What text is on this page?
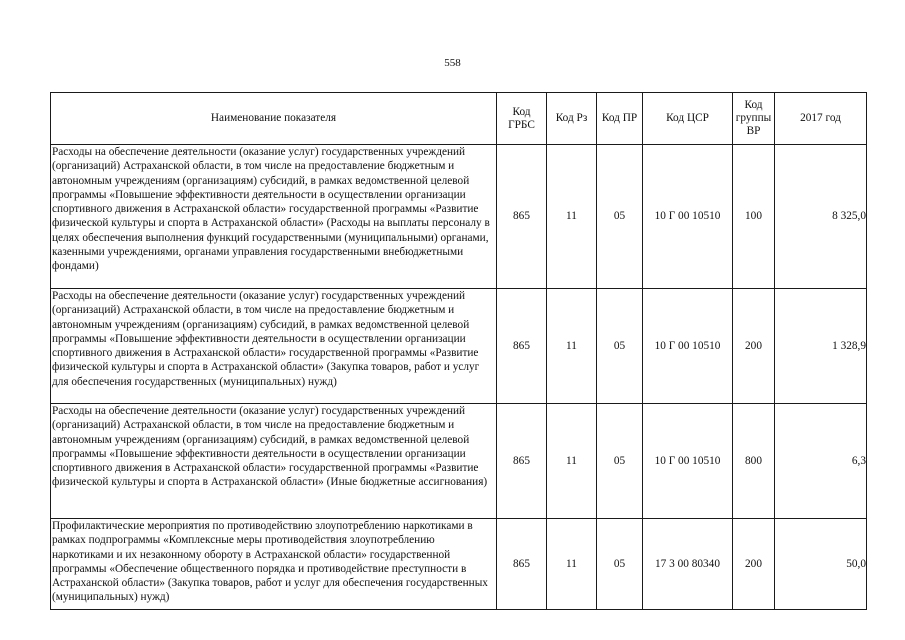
558
Наименование показателя	Код ГРБС	Код Рз	Код ПР	Код ЦСР	Код группы ВР	2017 год
Расходы на обеспечение деятельности (оказание услуг) государственных учреждений (организаций) Астраханской области, в том числе на предоставление бюджетным и автономным учреждениям (организациям) субсидий, в рамках ведомственной целевой программы «Повышение эффективности деятельности в осуществлении организации спортивного движения в Астраханской области» государственной программы «Развитие физической культуры и спорта в Астраханской области» (Расходы на выплаты персоналу в целях обеспечения выполнения функций государственными (муниципальными) органами, казенными учреждениями, органами управления государственными внебюджетными фондами)	865	11	05	10 Г 00 10510	100	8 325,0
Расходы на обеспечение деятельности (оказание услуг) государственных учреждений (организаций) Астраханской области, в том числе на предоставление бюджетным и автономным учреждениям (организациям) субсидий, в рамках ведомственной целевой программы «Повышение эффективности деятельности в осуществлении организации спортивного движения в Астраханской области» государственной программы «Развитие физической культуры и спорта в Астраханской области» (Закупка товаров, работ и услуг для обеспечения государственных (муниципальных) нужд)	865	11	05	10 Г 00 10510	200	1 328,9
Расходы на обеспечение деятельности (оказание услуг) государственных учреждений (организаций) Астраханской области, в том числе на предоставление бюджетным и автономным учреждениям (организациям) субсидий, в рамках ведомственной целевой программы «Повышение эффективности деятельности в осуществлении организации спортивного движения в Астраханской области» государственной программы «Развитие физической культуры и спорта в Астраханской области» (Иные бюджетные ассигнования)	865	11	05	10 Г 00 10510	800	6,3
Профилактические мероприятия по противодействию злоупотреблению наркотиками в рамках подпрограммы «Комплексные меры противодействия злоупотреблению наркотиками и их незаконному обороту в Астраханской области» государственной программы «Обеспечение общественного порядка и противодействие преступности в Астраханской области» (Закупка товаров, работ и услуг для обеспечения государственных (муниципальных) нужд)	865	11	05	17 3 00 80340	200	50,0
